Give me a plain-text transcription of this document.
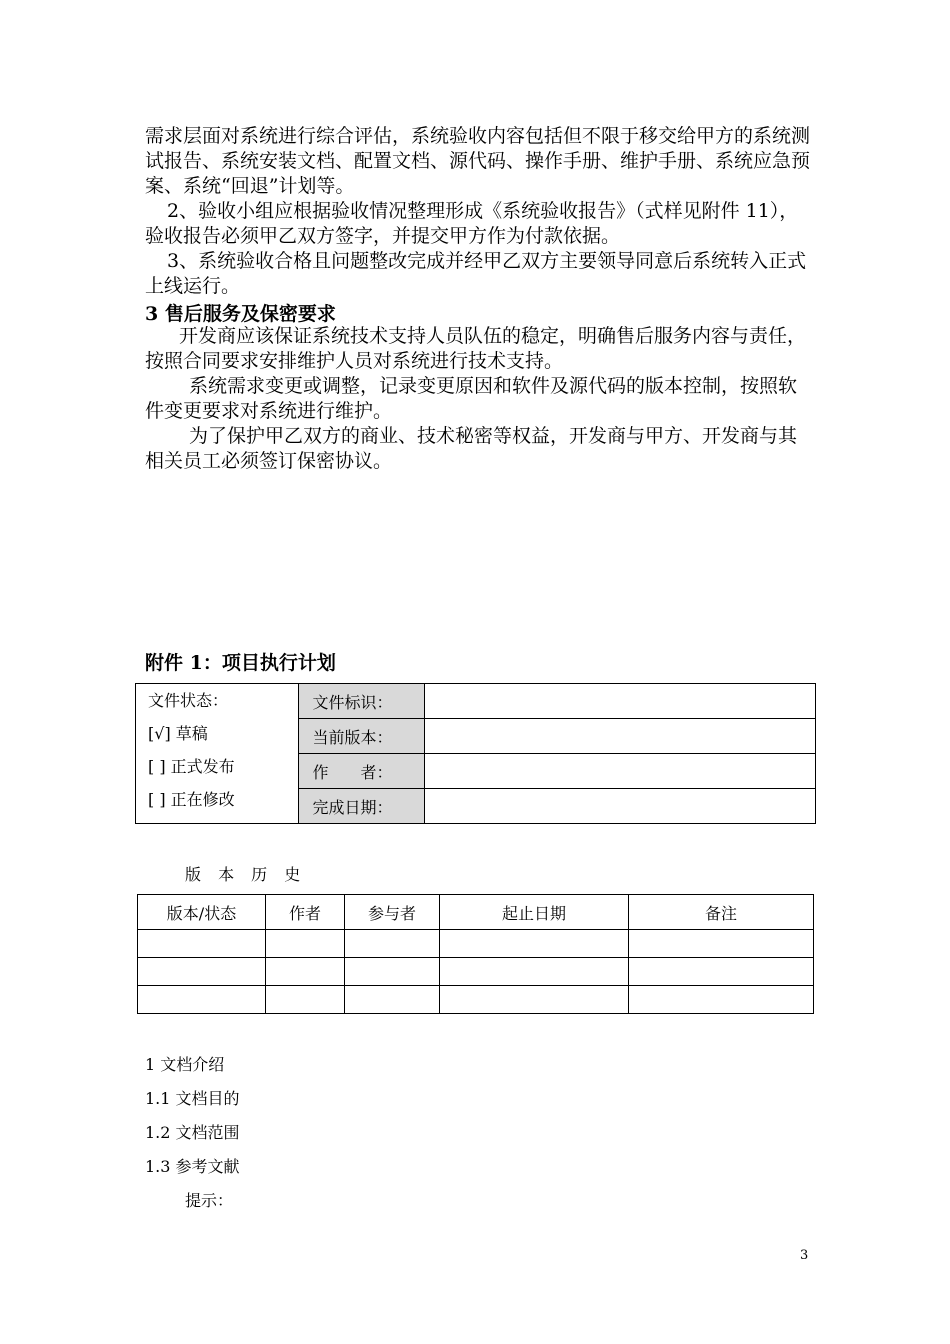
需求层面对系统进行综合评估，系统验收内容包括但不限于移交给甲方的系统测试报告、系统安装文档、配置文档、源代码、操作手册、维护手册、系统应急预案、系统“回退”计划等。

2、验收小组应根据验收情况整理形成《系统验收报告》（式样见附件 11），验收报告必须甲乙双方签字，并提交甲方作为付款依据。

3、系统验收合格且问题整改完成并经甲乙双方主要领导同意后系统转入正式上线运行。

3 售后服务及保密要求

开发商应该保证系统技术支持人员队伍的稳定，明确售后服务内容与责任，按照合同要求安排维护人员对系统进行技术支持。

系统需求变更或调整，记录变更原因和软件及源代码的版本控制，按照软件变更要求对系统进行维护。

为了保护甲乙双方的商业、技术秘密等权益，开发商与甲方、开发商与其相关员工必须签订保密协议。

附件 1：项目执行计划
文件状态：
[√] 草稿
[ ] 正式发布
[ ] 正在修改	文件标识：	
	当前版本：	
	作　　者：	
	完成日期：	
版 本 历 史
版本/状态	作者	参与者	起止日期	备注

1 文档介绍
1.1 文档目的
1.2 文档范围
1.3 参考文献
提示：
3
